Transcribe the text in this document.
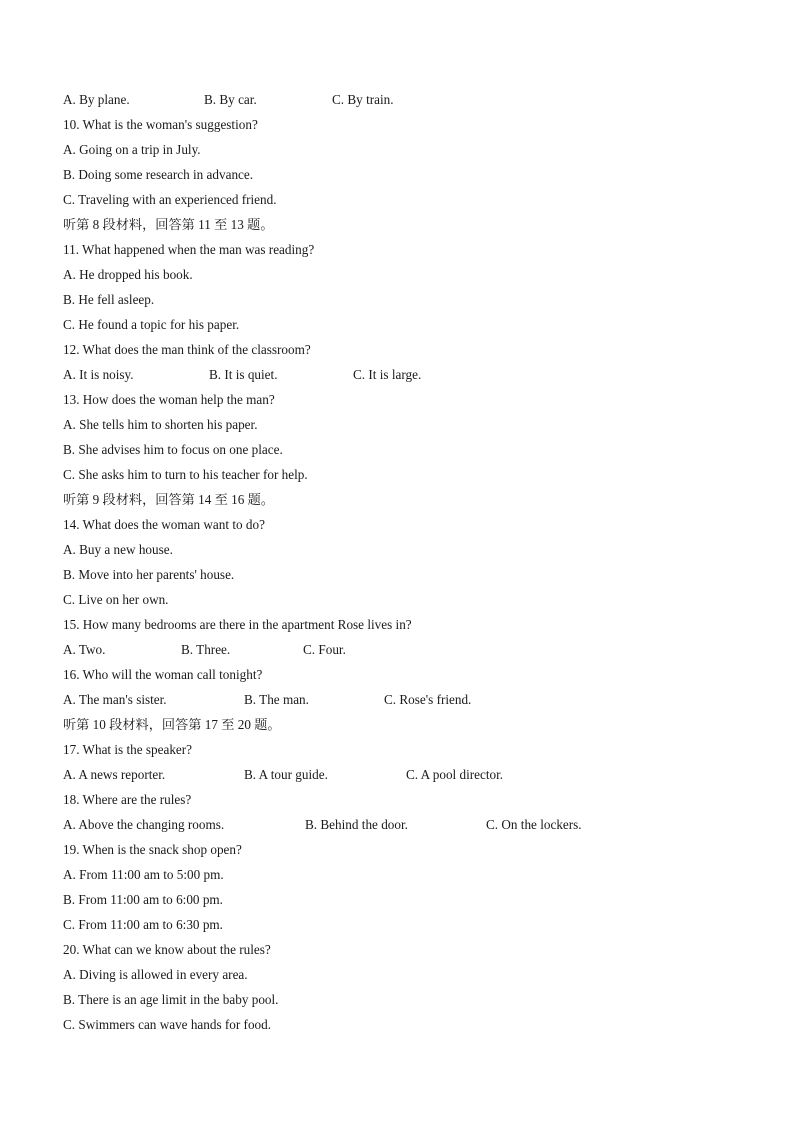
A. By plane.	B. By car.	C. By train.
10. What is the woman's suggestion?
A. Going on a trip in July.
B. Doing some research in advance.
C. Traveling with an experienced friend.
听第 8 段材料，回答第 11 至 13 题。
11. What happened when the man was reading?
A. He dropped his book.
B. He fell asleep.
C. He found a topic for his paper.
12. What does the man think of the classroom?
A. It is noisy.	B. It is quiet.	C. It is large.
13. How does the woman help the man?
A. She tells him to shorten his paper.
B. She advises him to focus on one place.
C. She asks him to turn to his teacher for help.
听第 9 段材料，回答第 14 至 16 题。
14. What does the woman want to do?
A. Buy a new house.
B. Move into her parents' house.
C. Live on her own.
15. How many bedrooms are there in the apartment Rose lives in?
A. Two.	B. Three.	C. Four.
16. Who will the woman call tonight?
A. The man's sister.	B. The man.	C. Rose's friend.
听第 10 段材料，回答第 17 至 20 题。
17. What is the speaker?
A. A news reporter.	B. A tour guide.	C. A pool director.
18. Where are the rules?
A. Above the changing rooms.	B. Behind the door.	C. On the lockers.
19. When is the snack shop open?
A. From 11:00 am to 5:00 pm.
B. From 11:00 am to 6:00 pm.
C. From 11:00 am to 6:30 pm.
20. What can we know about the rules?
A. Diving is allowed in every area.
B. There is an age limit in the baby pool.
C. Swimmers can wave hands for food.
